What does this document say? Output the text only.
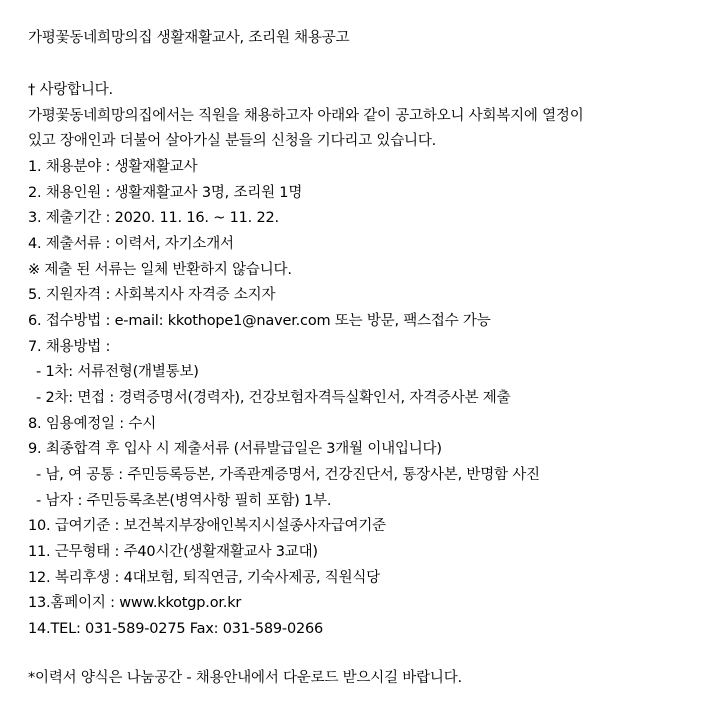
가평꽃동네희망의집 생활재활교사, 조리원 채용공고
† 사랑합니다.
가평꽃동네희망의집에서는 직원을 채용하고자 아래와 같이 공고하오니 사회복지에 열정이
있고 장애인과 더불어 살아가실 분들의 신청을 기다리고 있습니다.
1. 채용분야 : 생활재활교사
2. 채용인원 : 생활재활교사 3명, 조리원 1명
3. 제출기간 : 2020. 11. 16. ~ 11. 22.
4. 제출서류 : 이력서, 자기소개서
※ 제출 된 서류는 일체 반환하지 않습니다.
5. 지원자격 : 사회복지사 자격증 소지자
6. 접수방법 : e-mail: kkothope1@naver.com 또는 방문, 팩스접수 가능
7. 채용방법 :
- 1차: 서류전형(개별통보)
- 2차: 면접 : 경력증명서(경력자), 건강보험자격득실확인서, 자격증사본 제출
8. 임용예정일 : 수시
9. 최종합격 후 입사 시 제출서류 (서류발급일은 3개월 이내입니다)
- 남, 여 공통 : 주민등록등본, 가족관계증명서, 건강진단서, 통장사본, 반명함 사진
- 남자 : 주민등록초본(병역사항 필히 포함) 1부.
10. 급여기준 : 보건복지부장애인복지시설종사자급여기준
11. 근무형태 : 주40시간(생활재활교사 3교대)
12. 복리후생 : 4대보험, 퇴직연금, 기숙사제공, 직원식당
13.홈페이지 : www.kkotgp.or.kr
14.TEL: 031-589-0275 Fax: 031-589-0266
*이력서 양식은 나눔공간 - 채용안내에서 다운로드 받으시길 바랍니다.
